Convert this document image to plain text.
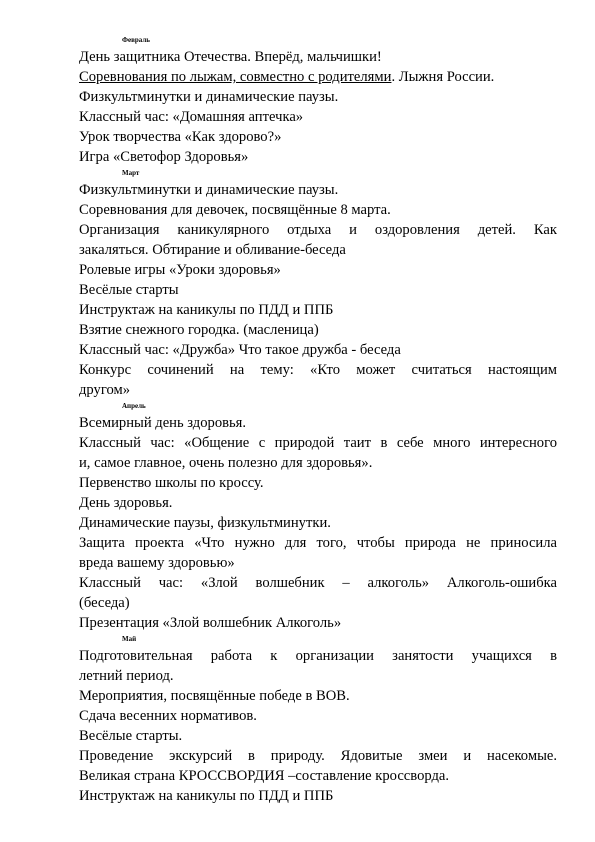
Февраль
День защитника Отечества. Вперёд, мальчишки!
Соревнования по лыжам, совместно с родителями. Лыжня России.
Физкультминутки и динамические паузы.
Классный час: «Домашняя аптечка»
Урок творчества «Как здорово?»
Игра «Светофор Здоровья»
Март
Физкультминутки и динамические паузы.
Соревнования для девочек, посвящённые 8 марта.
Организация каникулярного отдыха и оздоровления детей. Как
закаляться. Обтирание и обливание-беседа
Ролевые игры «Уроки здоровья»
Весёлые старты
Инструктаж на каникулы по ПДД и ППБ
Взятие снежного городка. (масленица)
Классный час: «Дружба» Что такое дружба - беседа
Конкурс сочинений на тему: «Кто может считаться настоящим
другом»
Апрель
Всемирный день здоровья.
Классный час: «Общение с природой таит в себе много интересного
и, самое главное, очень полезно для здоровья».
Первенство школы по кроссу.
День здоровья.
Динамические паузы, физкультминутки.
Защита проекта «Что нужно для того, чтобы природа не приносила
вреда вашему здоровью»
Классный час: «Злой волшебник – алкоголь» Алкоголь-ошибка
(беседа)
Презентация «Злой волшебник Алкоголь»
Май
Подготовительная работа к организации занятости учащихся в
летний период.
Мероприятия, посвящённые победе в ВОВ.
Сдача весенних нормативов.
Весёлые старты.
Проведение экскурсий в природу. Ядовитые змеи и насекомые.
Великая страна КРОССВОРДИЯ –составление кроссворда.
Инструктаж на каникулы по ПДД и ППБ
